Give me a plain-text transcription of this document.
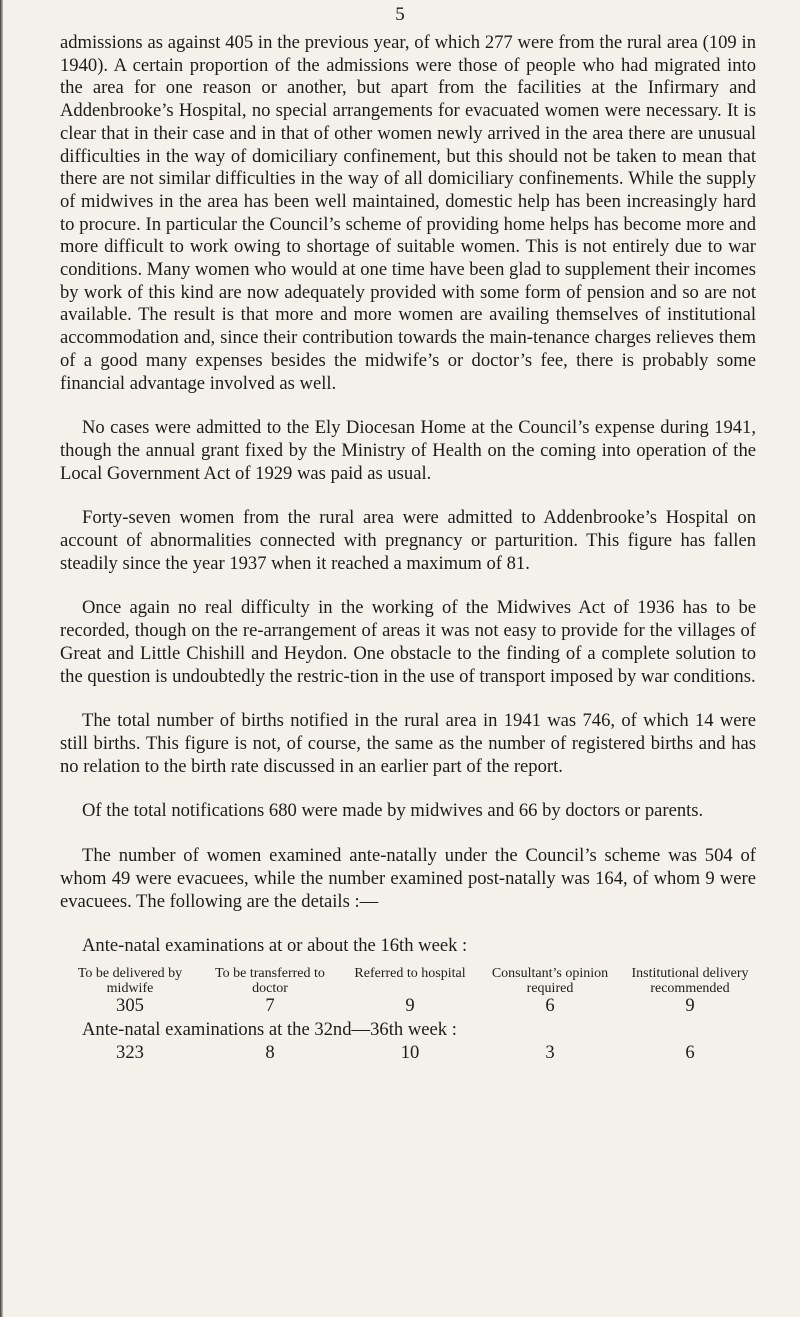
5

admissions as against 405 in the previous year, of which 277 were from the rural area (109 in 1940). A certain proportion of the admissions were those of people who had migrated into the area for one reason or another, but apart from the facilities at the Infirmary and Addenbrooke’s Hospital, no special arrangements for evacuated women were necessary. It is clear that in their case and in that of other women newly arrived in the area there are unusual difficulties in the way of domiciliary confinement, but this should not be taken to mean that there are not similar difficulties in the way of all domiciliary confinements. While the supply of midwives in the area has been well maintained, domestic help has been increasingly hard to procure. In particular the Council’s scheme of providing home helps has become more and more difficult to work owing to shortage of suitable women. This is not entirely due to war conditions. Many women who would at one time have been glad to supplement their incomes by work of this kind are now adequately provided with some form of pension and so are not available. The result is that more and more women are availing themselves of institutional accommodation and, since their contribution towards the main-tenance charges relieves them of a good many expenses besides the midwife’s or doctor’s fee, there is probably some financial advantage involved as well.

No cases were admitted to the Ely Diocesan Home at the Council’s expense during 1941, though the annual grant fixed by the Ministry of Health on the coming into operation of the Local Government Act of 1929 was paid as usual.

Forty-seven women from the rural area were admitted to Addenbrooke’s Hospital on account of abnormalities connected with pregnancy or parturition. This figure has fallen steadily since the year 1937 when it reached a maximum of 81.

Once again no real difficulty in the working of the Midwives Act of 1936 has to be recorded, though on the re-arrangement of areas it was not easy to provide for the villages of Great and Little Chishill and Heydon. One obstacle to the finding of a complete solution to the question is undoubtedly the restric-tion in the use of transport imposed by war conditions.

The total number of births notified in the rural area in 1941 was 746, of which 14 were still births. This figure is not, of course, the same as the number of registered births and has no relation to the birth rate discussed in an earlier part of the report.

Of the total notifications 680 were made by midwives and 66 by doctors or parents.

The number of women examined ante-natally under the Council’s scheme was 504 of whom 49 were evacuees, while the number examined post-natally was 164, of whom 9 were evacuees. The following are the details :—

Ante-natal examinations at or about the 16th week :
To be delivered by midwife	To be transferred to doctor	Referred to hospital	Consultant’s opinion required	Institutional delivery recommended
305	7	9	6	9
Ante-natal examinations at the 32nd—36th week :
323	8	10	3	6
